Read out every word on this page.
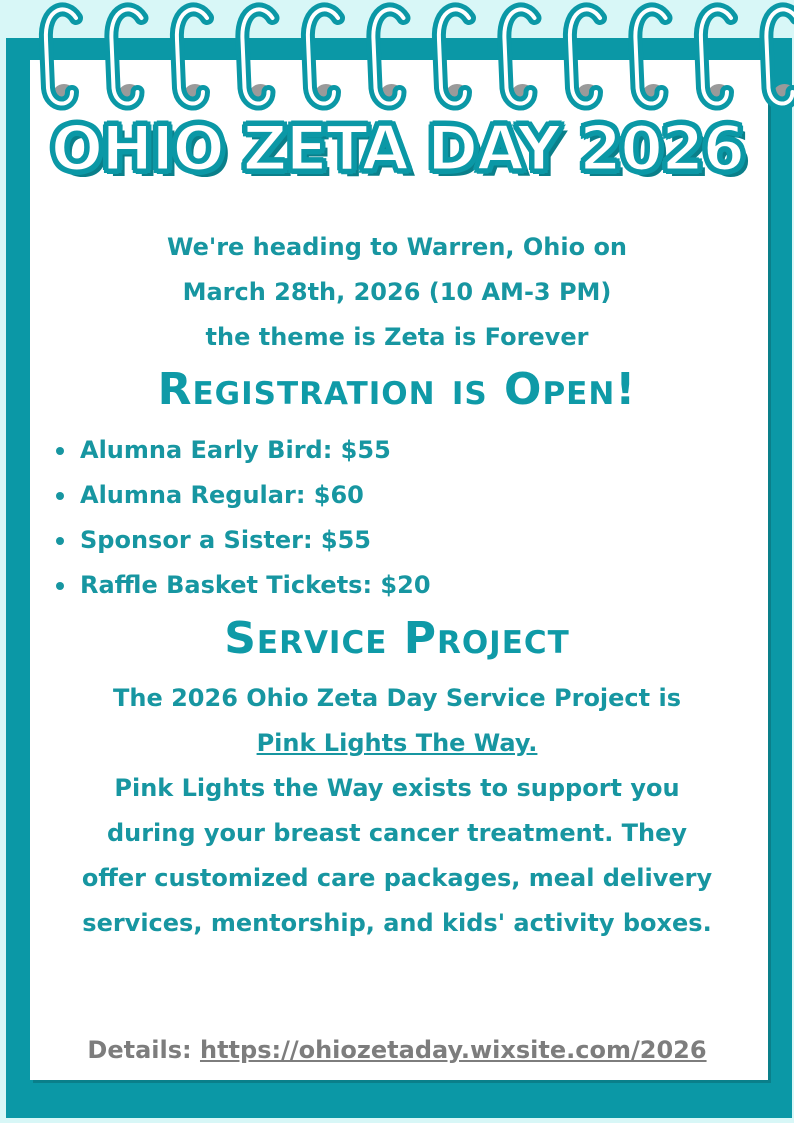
OHIO ZETA DAY 2026
We're heading to Warren, Ohio on
March 28th, 2026 (10 AM-3 PM)
the theme is Zeta is Forever
Registration is Open!
Alumna Early Bird: $55
Alumna Regular: $60
Sponsor a Sister: $55
Raffle Basket Tickets: $20
Service Project
The 2026 Ohio Zeta Day Service Project is
Pink Lights The Way.
Pink Lights the Way exists to support you
during your breast cancer treatment. They
offer customized care packages, meal delivery
services, mentorship, and kids' activity boxes.
Details: https://ohiozetaday.wixsite.com/2026
